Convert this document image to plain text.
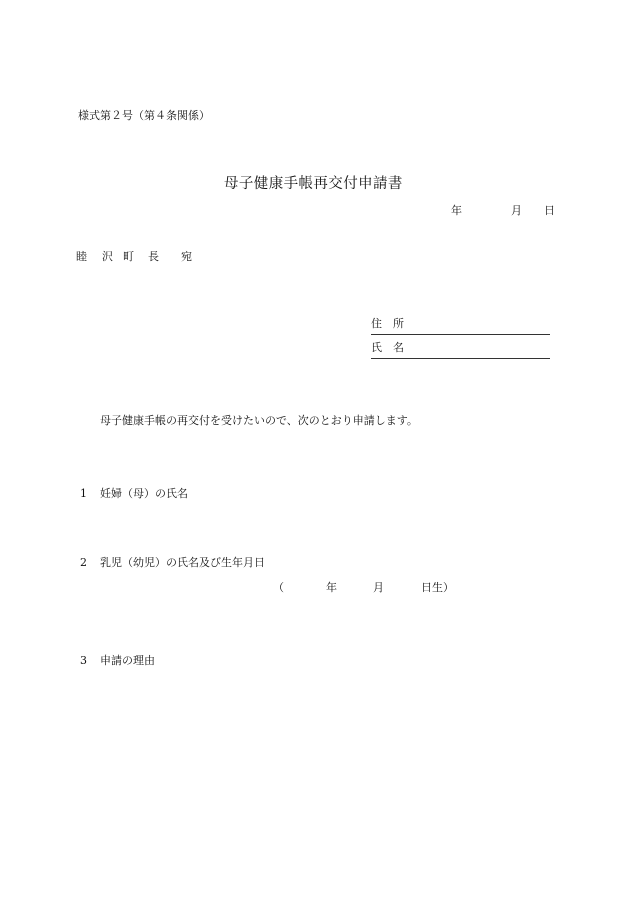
様式第２号（第４条関係）
母子健康手帳再交付申請書
年	月 日
睦 沢 町 長 宛
住　所
氏　名
母子健康手帳の再交付を受けたいので、次のとおり申請します。
1 妊婦（母）の氏名
2 乳児（幼児）の氏名及び生年月日
（	年	月	日生）
3 申請の理由
